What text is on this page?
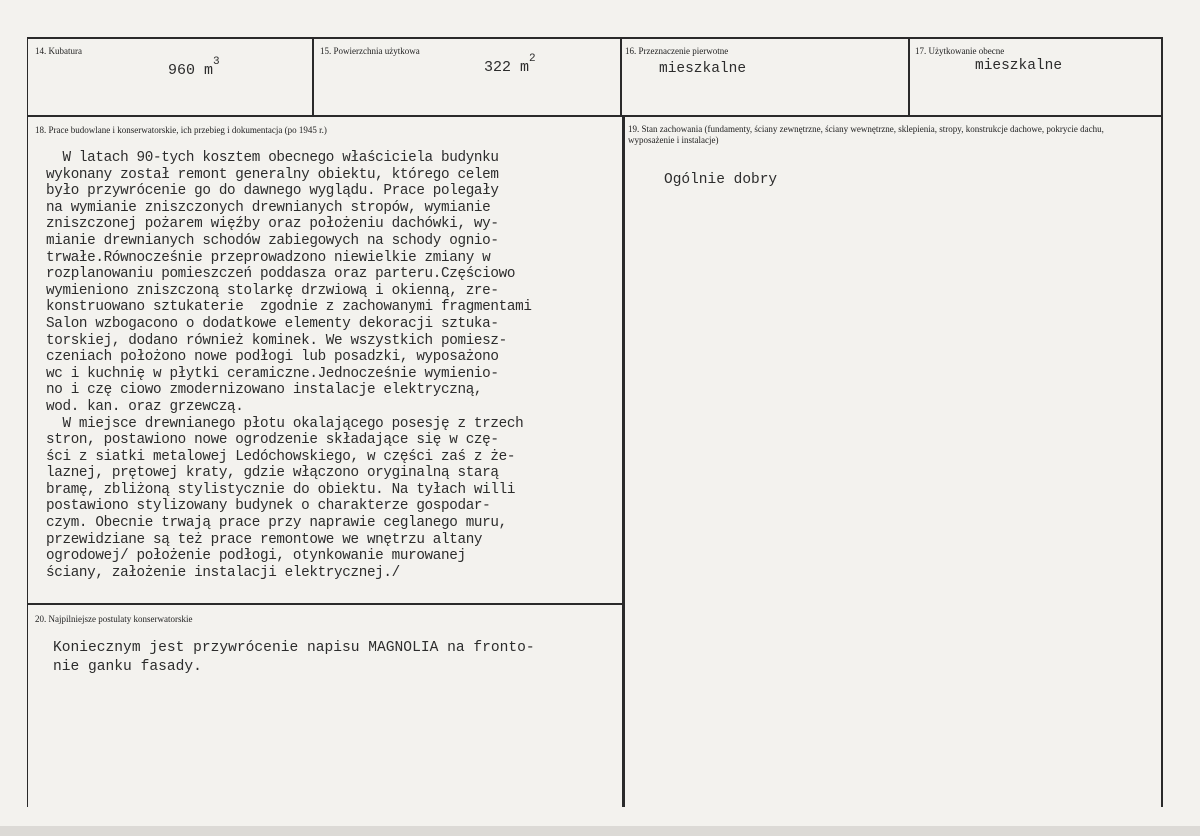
14. Kubatura
960 $m^3$
15. Powierzchnia użytkowa
322 $m^2$
16. Przeznaczenie pierwotne
mieszkalne
17. Użytkowanie obecne
mieszkalne
18. Prace budowlane i konserwatorskie, ich przebieg i dokumentacja (po 1945 r.)
W latach 90-tych kosztem obecnego właściciela budynku
wykonany został remont generalny obiektu, którego celem
było przywrócenie go do dawnego wyglądu. Prace polegały
na wymianie zniszczonych drewnianych stropów, wymianie
zniszczonej pożarem więźby oraz położeniu dachówki, wy-
mianie drewnianych schodów zabiegowych na schody ognio-
trwałe.Równocześnie przeprowadzono niewielkie zmiany w
rozplanowaniu pomieszczeń poddasza oraz parteru.Częściowo
wymieniono zniszczoną stolarkę drzwiową i okienną, zre-
konstruowano sztukaterie  zgodnie z zachowanymi fragmentami
Salon wzbogacono o dodatkowe elementy dekoracji sztuka-
torskiej, dodano również kominek. We wszystkich pomiesz-
czeniach położono nowe podłogi lub posadzki, wyposażono
wc i kuchnię w płytki ceramiczne.Jednocześnie wymienio-
no i czę ciowo zmodernizowano instalacje elektryczną,
wod. kan. oraz grzewczą.
W miejsce drewnianego płotu okalającego posesję z trzech
stron, postawiono nowe ogrodzenie składające się w czę-
ści z siatki metalowej Ledóchowskiego, w części zaś z że-
laznej, prętowej kraty, gdzie włączono oryginalną starą
bramę, zbliżoną stylistycznie do obiektu. Na tyłach willi
postawiono stylizowany budynek o charakterze gospodar-
czym. Obecnie trwają prace przy naprawie ceglanego muru,
przewidziane są też prace remontowe we wnętrzu altany
ogrodowej/ położenie podłogi, otynkowanie murowanej
ściany, założenie instalacji elektrycznej./
19. Stan zachowania (fundamenty, ściany zewnętrzne, ściany wewnętrzne, sklepienia, stropy, konstrukcje dachowe, pokrycie dachu, wyposażenie i instalacje)
Ogólnie dobry
20. Najpilniejsze postulaty konserwatorskie
Koniecznym jest przywrócenie napisu MAGNOLIA na fronto-
nie ganku fasady.
